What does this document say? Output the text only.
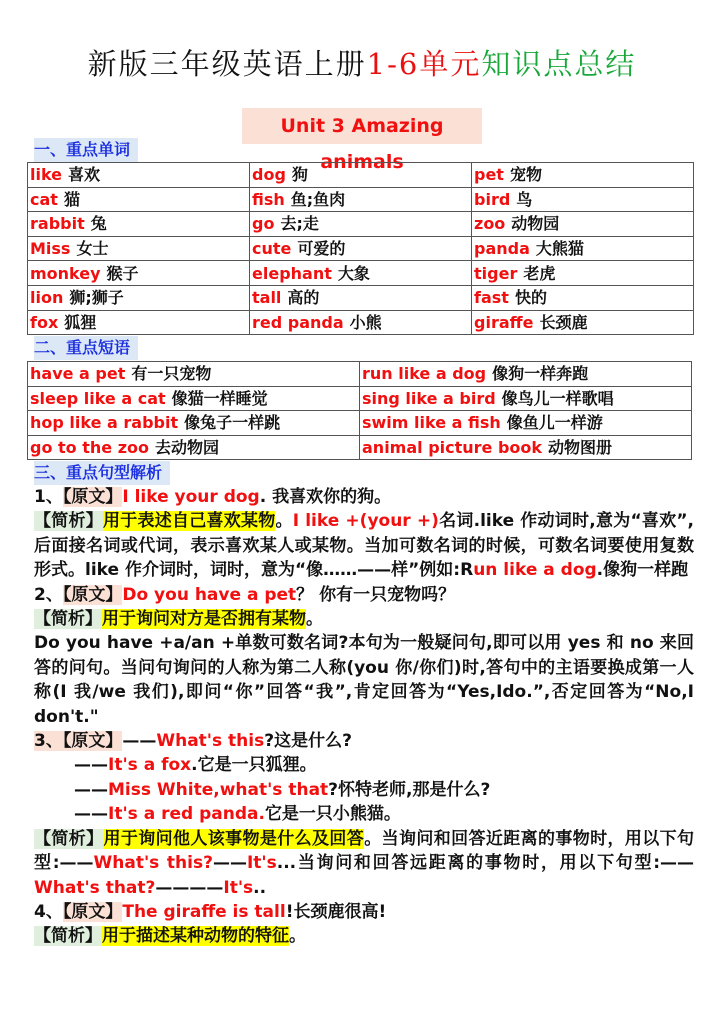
新版三年级英语上册1-6单元知识点总结
Unit 3 Amazing animals
一、重点单词
like 喜欢	dog 狗	pet 宠物
cat 猫	fish 鱼;鱼肉	bird 鸟
rabbit 兔	go 去;走	zoo 动物园
Miss 女士	cute 可爱的	panda 大熊猫
monkey 猴子	elephant 大象	tiger 老虎
lion 狮;狮子	tall 高的	fast 快的
fox 狐狸	red panda 小熊	giraffe 长颈鹿
二、重点短语
have a pet 有一只宠物	run like a dog 像狗一样奔跑
sleep like a cat 像猫一样睡觉	sing like a bird 像鸟儿一样歌唱
hop like a rabbit 像兔子一样跳	swim like a fish 像鱼儿一样游
go to the zoo 去动物园	animal picture book 动物图册
三、重点句型解析

1、【原文】I like your dog. 我喜欢你的狗。

【简析】用于表述自己喜欢某物。I like +(your +)名词.like 作动词时,意为“喜欢”,后面接名词或代词，表示喜欢某人或某物。当加可数名词的时候，可数名词要使用复数形式。like 作介词时，词时，意为“像……——样”例如:Run like a dog.像狗一样跑

2、【原文】Do you have a pet？ 你有一只宠物吗？

【简析】用于询问对方是否拥有某物。

Do you have +a/an +单数可数名词?本句为一般疑问句,即可以用 yes 和 no 来回答的问句。当问句询问的人称为第二人称(you 你/你们)时,答句中的主语要换成第一人称(I 我/we 我们),即问“你”回答“我”,肯定回答为“Yes,Ido.”,否定回答为“No,I don't."

3、【原文】——What's this?这是什么?

——It's a fox.它是一只狐狸。

——Miss White,what's that?怀特老师,那是什么?

——It's a red panda.它是一只小熊猫。

【简析】用于询问他人该事物是什么及回答。当询问和回答近距离的事物时，用以下句型:——What's this?——It's...当询问和回答远距离的事物时，用以下句型:——What's that?————It's..

4、【原文】The giraffe is tall!长颈鹿很高!

【简析】用于描述某种动物的特征。
